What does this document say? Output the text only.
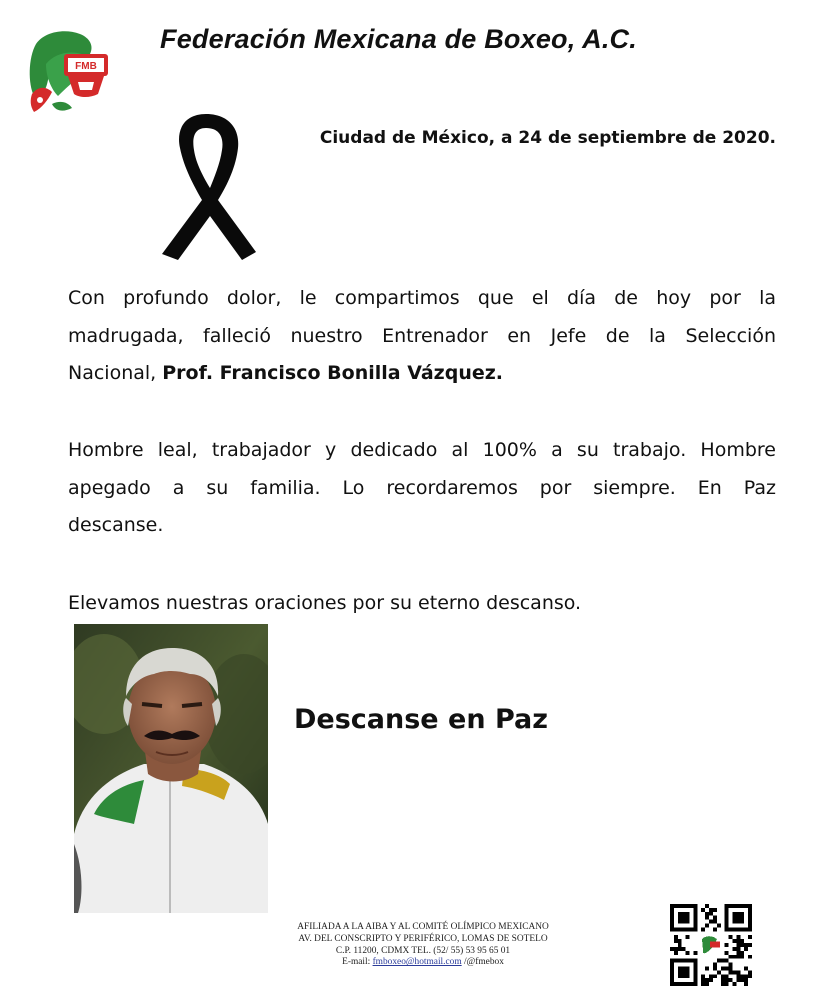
FMB
Federación Mexicana de Boxeo, A.C.
Ciudad de México, a 24 de septiembre de 2020.
Con profundo dolor, le compartimos que el día de hoy por la
madrugada, falleció nuestro Entrenador en Jefe de la Selección
Nacional, Prof. Francisco Bonilla Vázquez.
Hombre leal, trabajador y dedicado al 100% a su trabajo. Hombre
apegado a su familia. Lo recordaremos por siempre. En Paz
descanse.
Elevamos nuestras oraciones por su eterno descanso.
Descanse en Paz
AFILIADA A LA AIBA Y AL COMITÉ OLÍMPICO MEXICANO
AV. DEL CONSCRIPTO Y PERIFÉRICO, LOMAS DE SOTELO
C.P. 11200, CDMX TEL. (52/ 55) 53 95 65 01
E-mail: fmboxeo@hotmail.com /@fmebox
